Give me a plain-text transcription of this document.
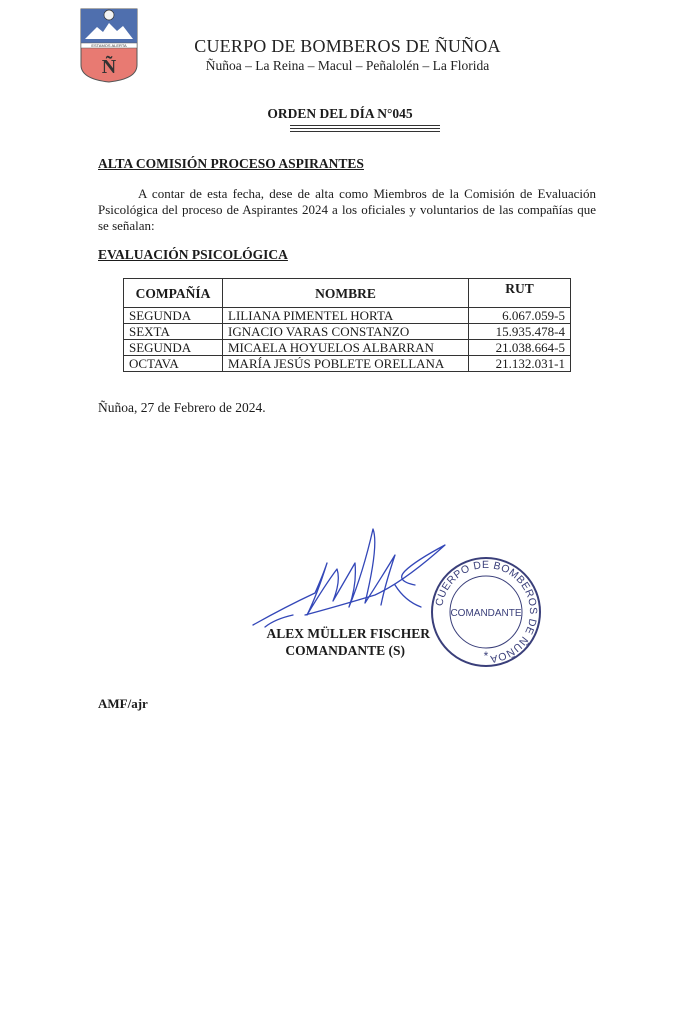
ESTAMOS ALERTA
Ñ
CUERPO DE BOMBEROS DE ÑUÑOA
Ñuñoa – La Reina – Macul – Peñalolén – La Florida
ORDEN DEL DÍA N°045
ALTA COMISIÓN PROCESO ASPIRANTES
A contar de esta fecha, dese de alta como Miembros de la Comisión de Evaluación Psicológica del proceso de Aspirantes 2024 a los oficiales y voluntarios de las compañías que se señalan:
EVALUACIÓN PSICOLÓGICA
COMPAÑÍA	NOMBRE	RUT
SEGUNDA	LILIANA PIMENTEL HORTA	6.067.059-5
SEXTA	IGNACIO VARAS CONSTANZO	15.935.478-4
SEGUNDA	MICAELA HOYUELOS ALBARRAN	21.038.664-5
OCTAVA	MARÍA JESÚS POBLETE ORELLANA	21.132.031-1
Ñuñoa, 27 de Febrero de 2024.
ALEX MÜLLER FISCHER
COMANDANTE (S)
CUERPO DE BOMBEROS DE ÑUÑOA
COMANDANTE
*
AMF/ajr
